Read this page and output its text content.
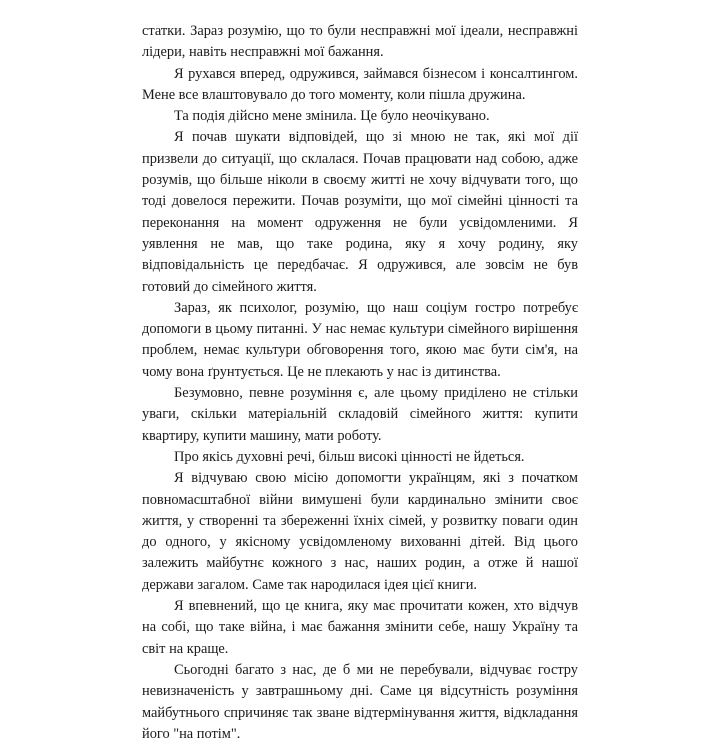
статки. Зараз розумію, що то були несправжні мої ідеали, несправжні лідери, навіть несправжні мої бажання.

Я рухався вперед, одружився, займався бізнесом і консалтингом. Мене все влаштовувало до того моменту, коли пішла дружина.

Та подія дійсно мене змінила. Це було неочікувано.

Я почав шукати відповідей, що зі мною не так, які мої дії призвели до ситуації, що склалася. Почав працювати над собою, адже розумів, що більше ніколи в своєму житті не хочу відчувати того, що тоді довелося пережити. Почав розуміти, що мої сімейні цінності та переконання на момент одруження не були усвідомленими. Я уявлення не мав, що таке родина, яку я хочу родину, яку відповідальність це передбачає. Я одружився, але зовсім не був готовий до сімейного життя.

Зараз, як психолог, розумію, що наш соціум гостро потребує допомоги в цьому питанні. У нас немає культури сімейного вирішення проблем, немає культури обговорення того, якою має бути сім'я, на чому вона ґрунтується. Це не плекають у нас із дитинства.

Безумовно, певне розуміння є, але цьому приділено не стільки уваги, скільки матеріальній складовій сімейного життя: купити квартиру, купити машину, мати роботу.

Про якісь духовні речі, більш високі цінності не йдеться.

Я відчуваю свою місію допомогти українцям, які з початком повномасштабної війни вимушені були кардинально змінити своє життя, у створенні та збереженні їхніх сімей, у розвитку поваги один до одного, у якісному усвідомленому вихованні дітей. Від цього залежить майбутнє кожного з нас, наших родин, а отже й нашої держави загалом. Саме так народилася ідея цієї книги.

Я впевнений, що це книга, яку має прочитати кожен, хто відчув на собі, що таке війна, і має бажання змінити себе, нашу Україну та світ на краще.

Сьогодні багато з нас, де б ми не перебували, відчуває гостру невизначеність у завтрашньому дні. Саме ця відсутність розуміння майбутнього спричиняє так зване відтермінування життя, відкладання його "на потім".
